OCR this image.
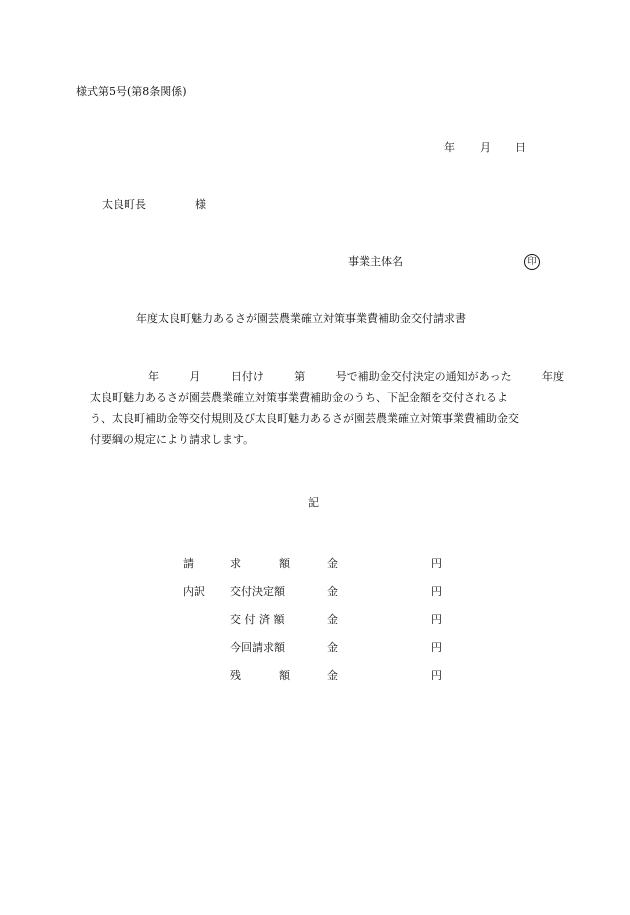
様式第5号(第8条関係)
年 月 日
太良町長	様
事業主体名	印
年度太良町魅力あるさが園芸農業確立対策事業費補助金交付請求書
年	月	日付け	第	号で補助金交付決定の通知があった	年度
太良町魅力あるさが園芸農業確立対策事業費補助金のうち、下記金額を交付されるよ
う、太良町補助金等交付規則及び太良町魅力あるさが園芸農業確立対策事業費補助金交
付要綱の規定により請求します。
記
請	求	額	金	円
内訳 交付決定額	金	円
交 付 済 額	金	円
今回請求額	金	円
残	額	金	円
